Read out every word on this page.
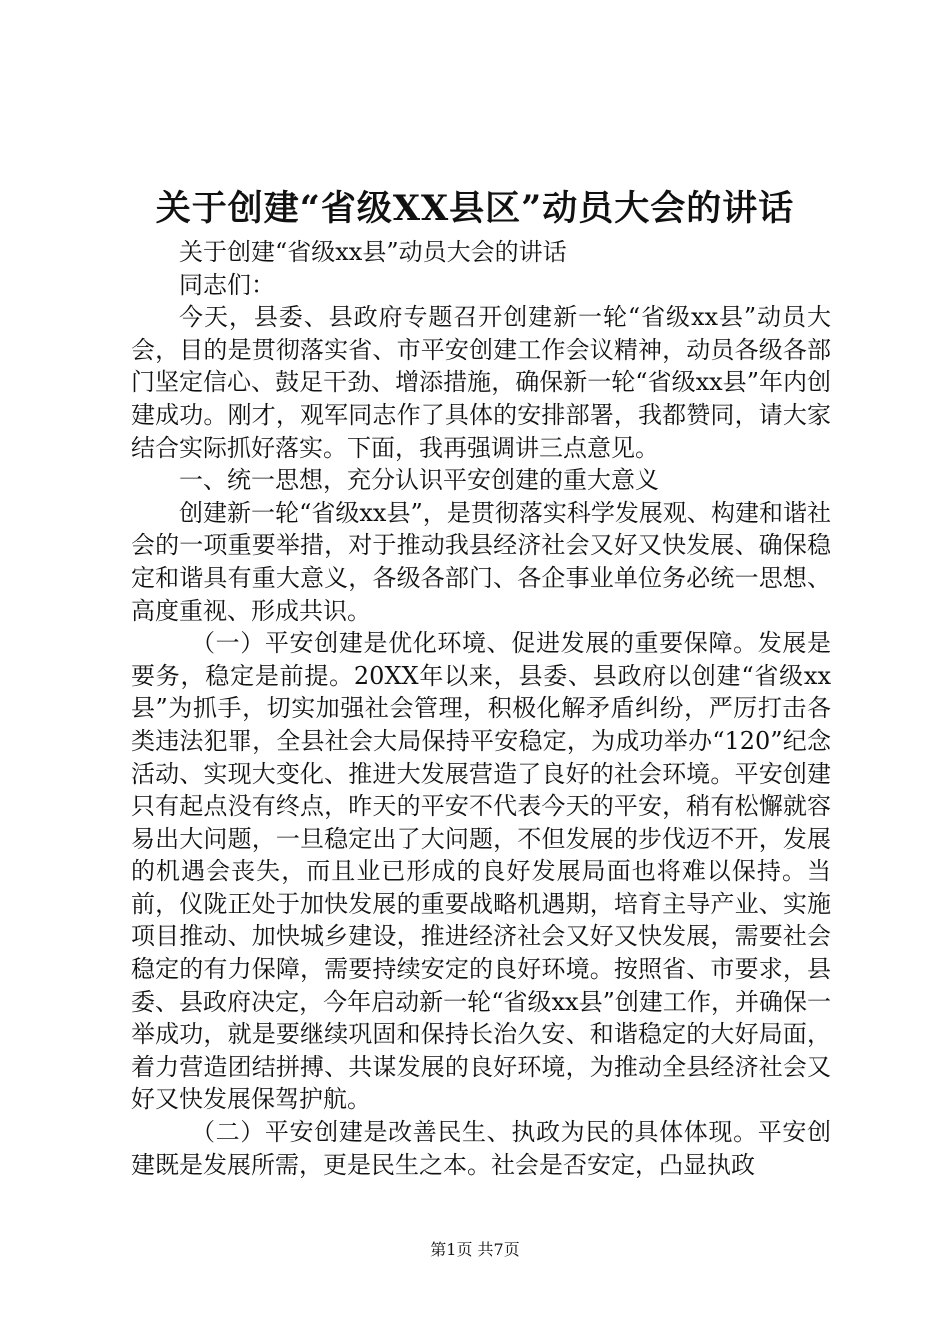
关于创建“省级XX县区”动员大会的讲话

关于创建“省级xx县”动员大会的讲话

同志们：

今天，县委、县政府专题召开创建新一轮“省级xx县”动员大会，目的是贯彻落实省、市平安创建工作会议精神，动员各级各部门坚定信心、鼓足干劲、增添措施，确保新一轮“省级xx县”年内创建成功。刚才，观军同志作了具体的安排部署，我都赞同，请大家结合实际抓好落实。下面，我再强调讲三点意见。

一、统一思想，充分认识平安创建的重大意义

创建新一轮“省级xx县”，是贯彻落实科学发展观、构建和谐社会的一项重要举措，对于推动我县经济社会又好又快发展、确保稳定和谐具有重大意义，各级各部门、各企事业单位务必统一思想、高度重视、形成共识。

（一）平安创建是优化环境、促进发展的重要保障。发展是要务，稳定是前提。20XX年以来，县委、县政府以创建“省级xx县”为抓手，切实加强社会管理，积极化解矛盾纠纷，严厉打击各类违法犯罪，全县社会大局保持平安稳定，为成功举办“120”纪念活动、实现大变化、推进大发展营造了良好的社会环境。平安创建只有起点没有终点，昨天的平安不代表今天的平安，稍有松懈就容易出大问题，一旦稳定出了大问题，不但发展的步伐迈不开，发展的机遇会丧失，而且业已形成的良好发展局面也将难以保持。当前，仪陇正处于加快发展的重要战略机遇期，培育主导产业、实施项目推动、加快城乡建设，推进经济社会又好又快发展，需要社会稳定的有力保障，需要持续安定的良好环境。按照省、市要求，县委、县政府决定，今年启动新一轮“省级xx县”创建工作，并确保一举成功，就是要继续巩固和保持长治久安、和谐稳定的大好局面，着力营造团结拼搏、共谋发展的良好环境，为推动全县经济社会又好又快发展保驾护航。

（二）平安创建是改善民生、执政为民的具体体现。平安创建既是发展所需，更是民生之本。社会是否安定，凸显执政

第1页 共7页
